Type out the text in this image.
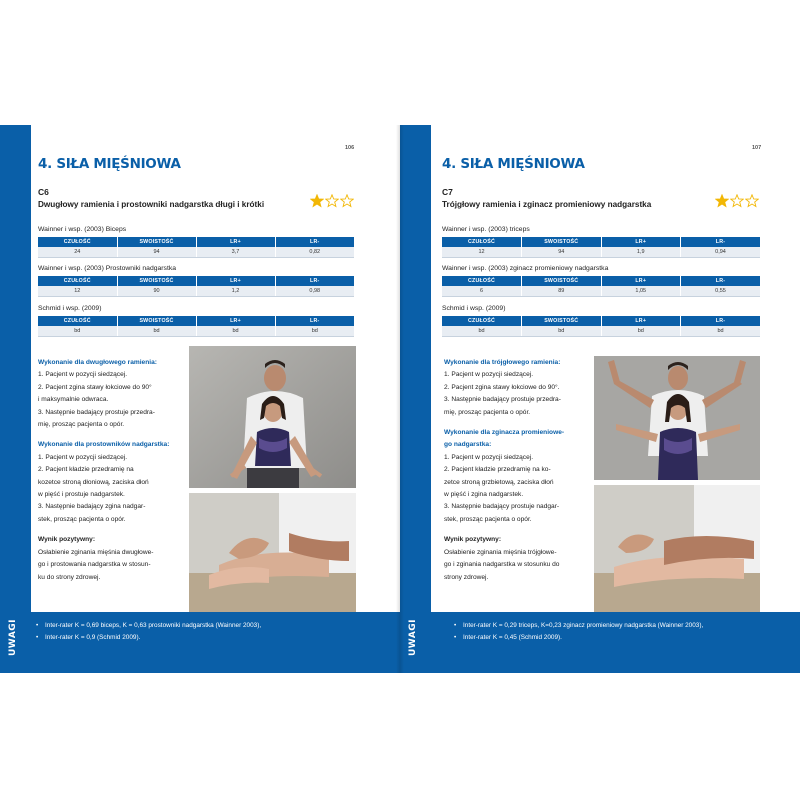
106
4. SIŁA MIĘŚNIOWA
C6
Dwugłowy ramienia i prostowniki nadgarstka długi i krótki
Wainner i wsp. (2003) Biceps
CZUŁOŚĆ	SWOISTOŚĆ	LR+	LR-
24	94	3,7	0,82
Wainner i wsp. (2003) Prostowniki nadgarstka
CZUŁOŚĆ	SWOISTOŚĆ	LR+	LR-
12	90	1,2	0,98
Schmid i wsp. (2009)
CZUŁOŚĆ	SWOISTOŚĆ	LR+	LR-
bd	bd	bd	bd
Wykonanie dla dwugłowego ramienia:
1. Pacjent w pozycji siedzącej.
2. Pacjent zgina stawy łokciowe do 90°
i maksymalnie odwraca.
3. Następnie badający prostuje przedra-
mię, prosząc pacjenta o opór.
Wykonanie dla prostowników nadgarstka:
1. Pacjent w pozycji siedzącej.
2. Pacjent kładzie przedramię na
kozetce stroną dłoniową, zaciska dłoń
w pięść i prostuje nadgarstek.
3. Następnie badający zgina nadgar-
stek, prosząc pacjenta o opór.
Wynik pozytywny:
Osłabienie zginania mięśnia dwugłowe-
go i prostowania nadgarstka w stosun-
ku do strony zdrowej.
UWAGI	• Inter-rater K = 0,69 biceps, K = 0,63 prostowniki nadgarstka (Wainner 2003),
• Inter-rater K = 0,9 (Schmid 2009).
107
4. SIŁA MIĘŚNIOWA
C7
Trójgłowy ramienia i zginacz promieniowy nadgarstka
Wainner i wsp. (2003) triceps
CZUŁOŚĆ	SWOISTOŚĆ	LR+	LR-
12	94	1,9	0,94
Wainner i wsp. (2003) zginacz promieniowy nadgarstka
CZUŁOŚĆ	SWOISTOŚĆ	LR+	LR-
6	89	1,05	0,55
Schmid i wsp. (2009)
CZUŁOŚĆ	SWOISTOŚĆ	LR+	LR-
bd	bd	bd	bd
Wykonanie dla trójgłowego ramienia:
1. Pacjent w pozycji siedzącej.
2. Pacjent zgina stawy łokciowe do 90°.
3. Następnie badający prostuje przedra-
mię, prosząc pacjenta o opór.
Wykonanie dla zginacza promieniowe-
go nadgarstka:
1. Pacjent w pozycji siedzącej.
2. Pacjent kładzie przedramię na ko-
zetce stroną grzbietową, zaciska dłoń
w pięść i zgina nadgarstek.
3. Następnie badający prostuje nadgar-
stek, prosząc pacjenta o opór.
Wynik pozytywny:
Osłabienie zginania mięśnia trójgłowe-
go i zginania nadgarstka w stosunku do
strony zdrowej.
UWAGI	• Inter-rater K = 0,29 triceps, K=0,23 zginacz promieniowy nadgarstka (Wainner 2003),
• Inter-rater K = 0,45 (Schmid 2009).
